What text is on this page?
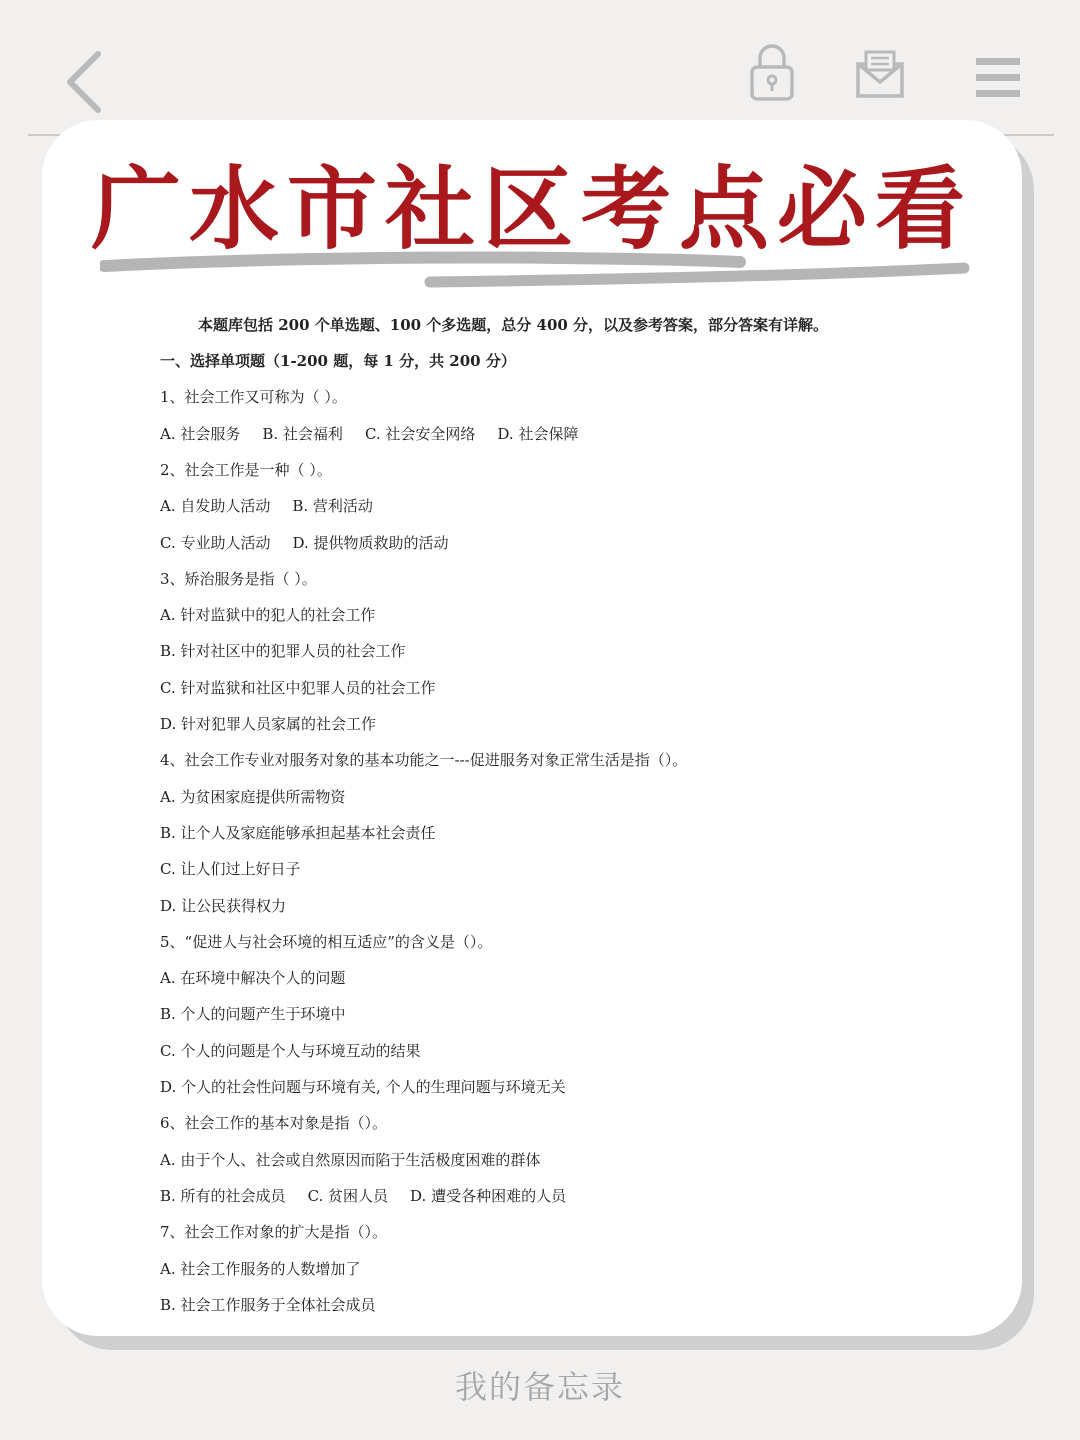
广水市社区考点必看
本题库包括 200 个单选题、100 个多选题，总分 400 分，以及参考答案，部分答案有详解。
一、选择单项题（1-200 题，每 1 分，共 200 分）
1、社会工作又可称为（ ）。
A. 社会服务 B. 社会福利 C. 社会安全网络 D. 社会保障
2、社会工作是一种（ ）。
A. 自发助人活动 B. 营利活动
C. 专业助人活动 D. 提供物质救助的活动
3、矫治服务是指（ ）。
A. 针对监狱中的犯人的社会工作
B. 针对社区中的犯罪人员的社会工作
C. 针对监狱和社区中犯罪人员的社会工作
D. 针对犯罪人员家属的社会工作
4、社会工作专业对服务对象的基本功能之一---促进服务对象正常生活是指（）。
A. 为贫困家庭提供所需物资
B. 让个人及家庭能够承担起基本社会责任
C. 让人们过上好日子
D. 让公民获得权力
5、“促进人与社会环境的相互适应”的含义是（）。
A. 在环境中解决个人的问题
B. 个人的问题产生于环境中
C. 个人的问题是个人与环境互动的结果
D. 个人的社会性问题与环境有关, 个人的生理问题与环境无关
6、社会工作的基本对象是指（）。
A. 由于个人、社会或自然原因而陷于生活极度困难的群体
B. 所有的社会成员 C. 贫困人员 D. 遭受各种困难的人员
7、社会工作对象的扩大是指（）。
A. 社会工作服务的人数增加了
B. 社会工作服务于全体社会成员
我的备忘录
